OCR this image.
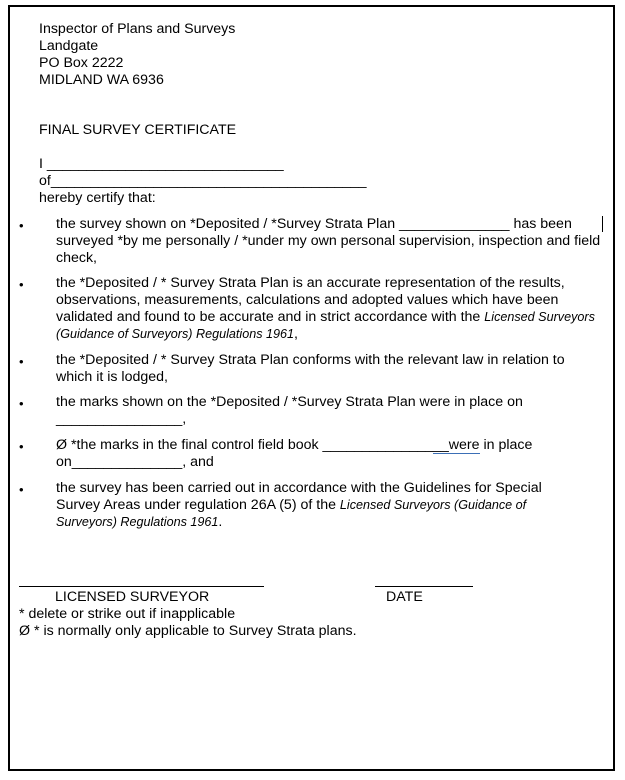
Inspector of Plans and Surveys
Landgate
PO Box 2222
MIDLAND WA 6936
FINAL SURVEY CERTIFICATE
I ______________________________
of________________________________________
hereby certify that:
• the survey shown on *Deposited / *Survey Strata Plan ______________ has been surveyed *by me personally / *under my own personal supervision, inspection and field check,
• the *Deposited / * Survey Strata Plan is an accurate representation of the results, observations, measurements, calculations and adopted values which have been validated and found to be accurate and in strict accordance with the Licensed Surveyors (Guidance of Surveyors) Regulations 1961,
• the *Deposited / * Survey Strata Plan conforms with the relevant law in relation to which it is lodged,
• the marks shown on the *Deposited / *Survey Strata Plan were in place on ________________,
• Ø *the marks in the final control field book ________________were in place on______________, and
• the survey has been carried out in accordance with the Guidelines for Special Survey Areas under regulation 26A (5) of the Licensed Surveyors (Guidance of Surveyors) Regulations 1961.
LICENSED SURVEYOR	DATE
* delete or strike out if inapplicable
Ø * is normally only applicable to Survey Strata plans.
